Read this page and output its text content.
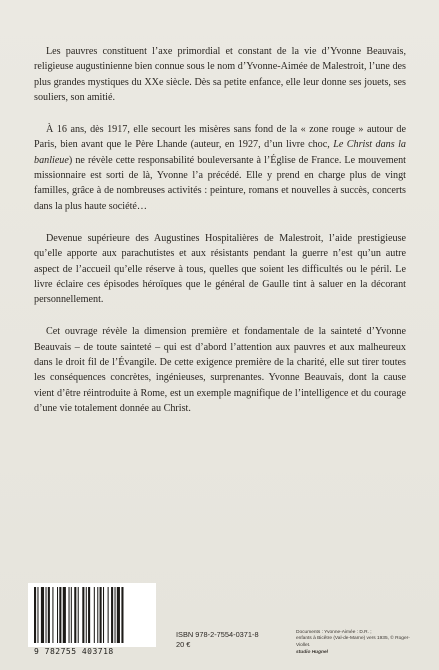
Les pauvres constituent l’axe primordial et constant de la vie d’Yvonne Beauvais, religieuse augustinienne bien connue sous le nom d’Yvonne-Aimée de Malestroit, l’une des plus grandes mystiques du XXe siècle. Dès sa petite enfance, elle leur donne ses jouets, ses souliers, son amitié.

À 16 ans, dès 1917, elle secourt les misères sans fond de la « zone rouge » autour de Paris, bien avant que le Père Lhande (auteur, en 1927, d’un livre choc, Le Christ dans la banlieue) ne révèle cette responsabilité bouleversante à l’Église de France. Le mouvement missionnaire est sorti de là, Yvonne l’a précédé. Elle y prend en charge plus de vingt familles, grâce à de nombreuses activités : peinture, romans et nouvelles à succès, concerts dans la plus haute société…

Devenue supérieure des Augustines Hospitalières de Malestroit, l’aide prestigieuse qu’elle apporte aux parachutistes et aux résistants pendant la guerre n’est qu’un autre aspect de l’accueil qu’elle réserve à tous, quelles que soient les difficultés ou le péril. Le livre éclaire ces épisodes héroïques que le général de Gaulle tint à saluer en la décorant personnellement.

Cet ouvrage révèle la dimension première et fondamentale de la sainteté d’Yvonne Beauvais – de toute sainteté – qui est d’abord l’attention aux pauvres et aux malheureux dans le droit fil de l’Évangile. De cette exigence première de la charité, elle sut tirer toutes les conséquences concrètes, ingénieuses, surprenantes. Yvonne Beauvais, dont la cause vient d’être réintroduite à Rome, est un exemple magnifique de l’intelligence et du courage d’une vie totalement donnée au Christ.

9 782755 403718
ISBN 978-2-7554-0371-8
20 €
Documents : Yvonne-Aimée : D.R. ;
enfants à Bicêtre (Val-de-Marne) vers 1935, © Roger-Viollet.
studio Hugnel
